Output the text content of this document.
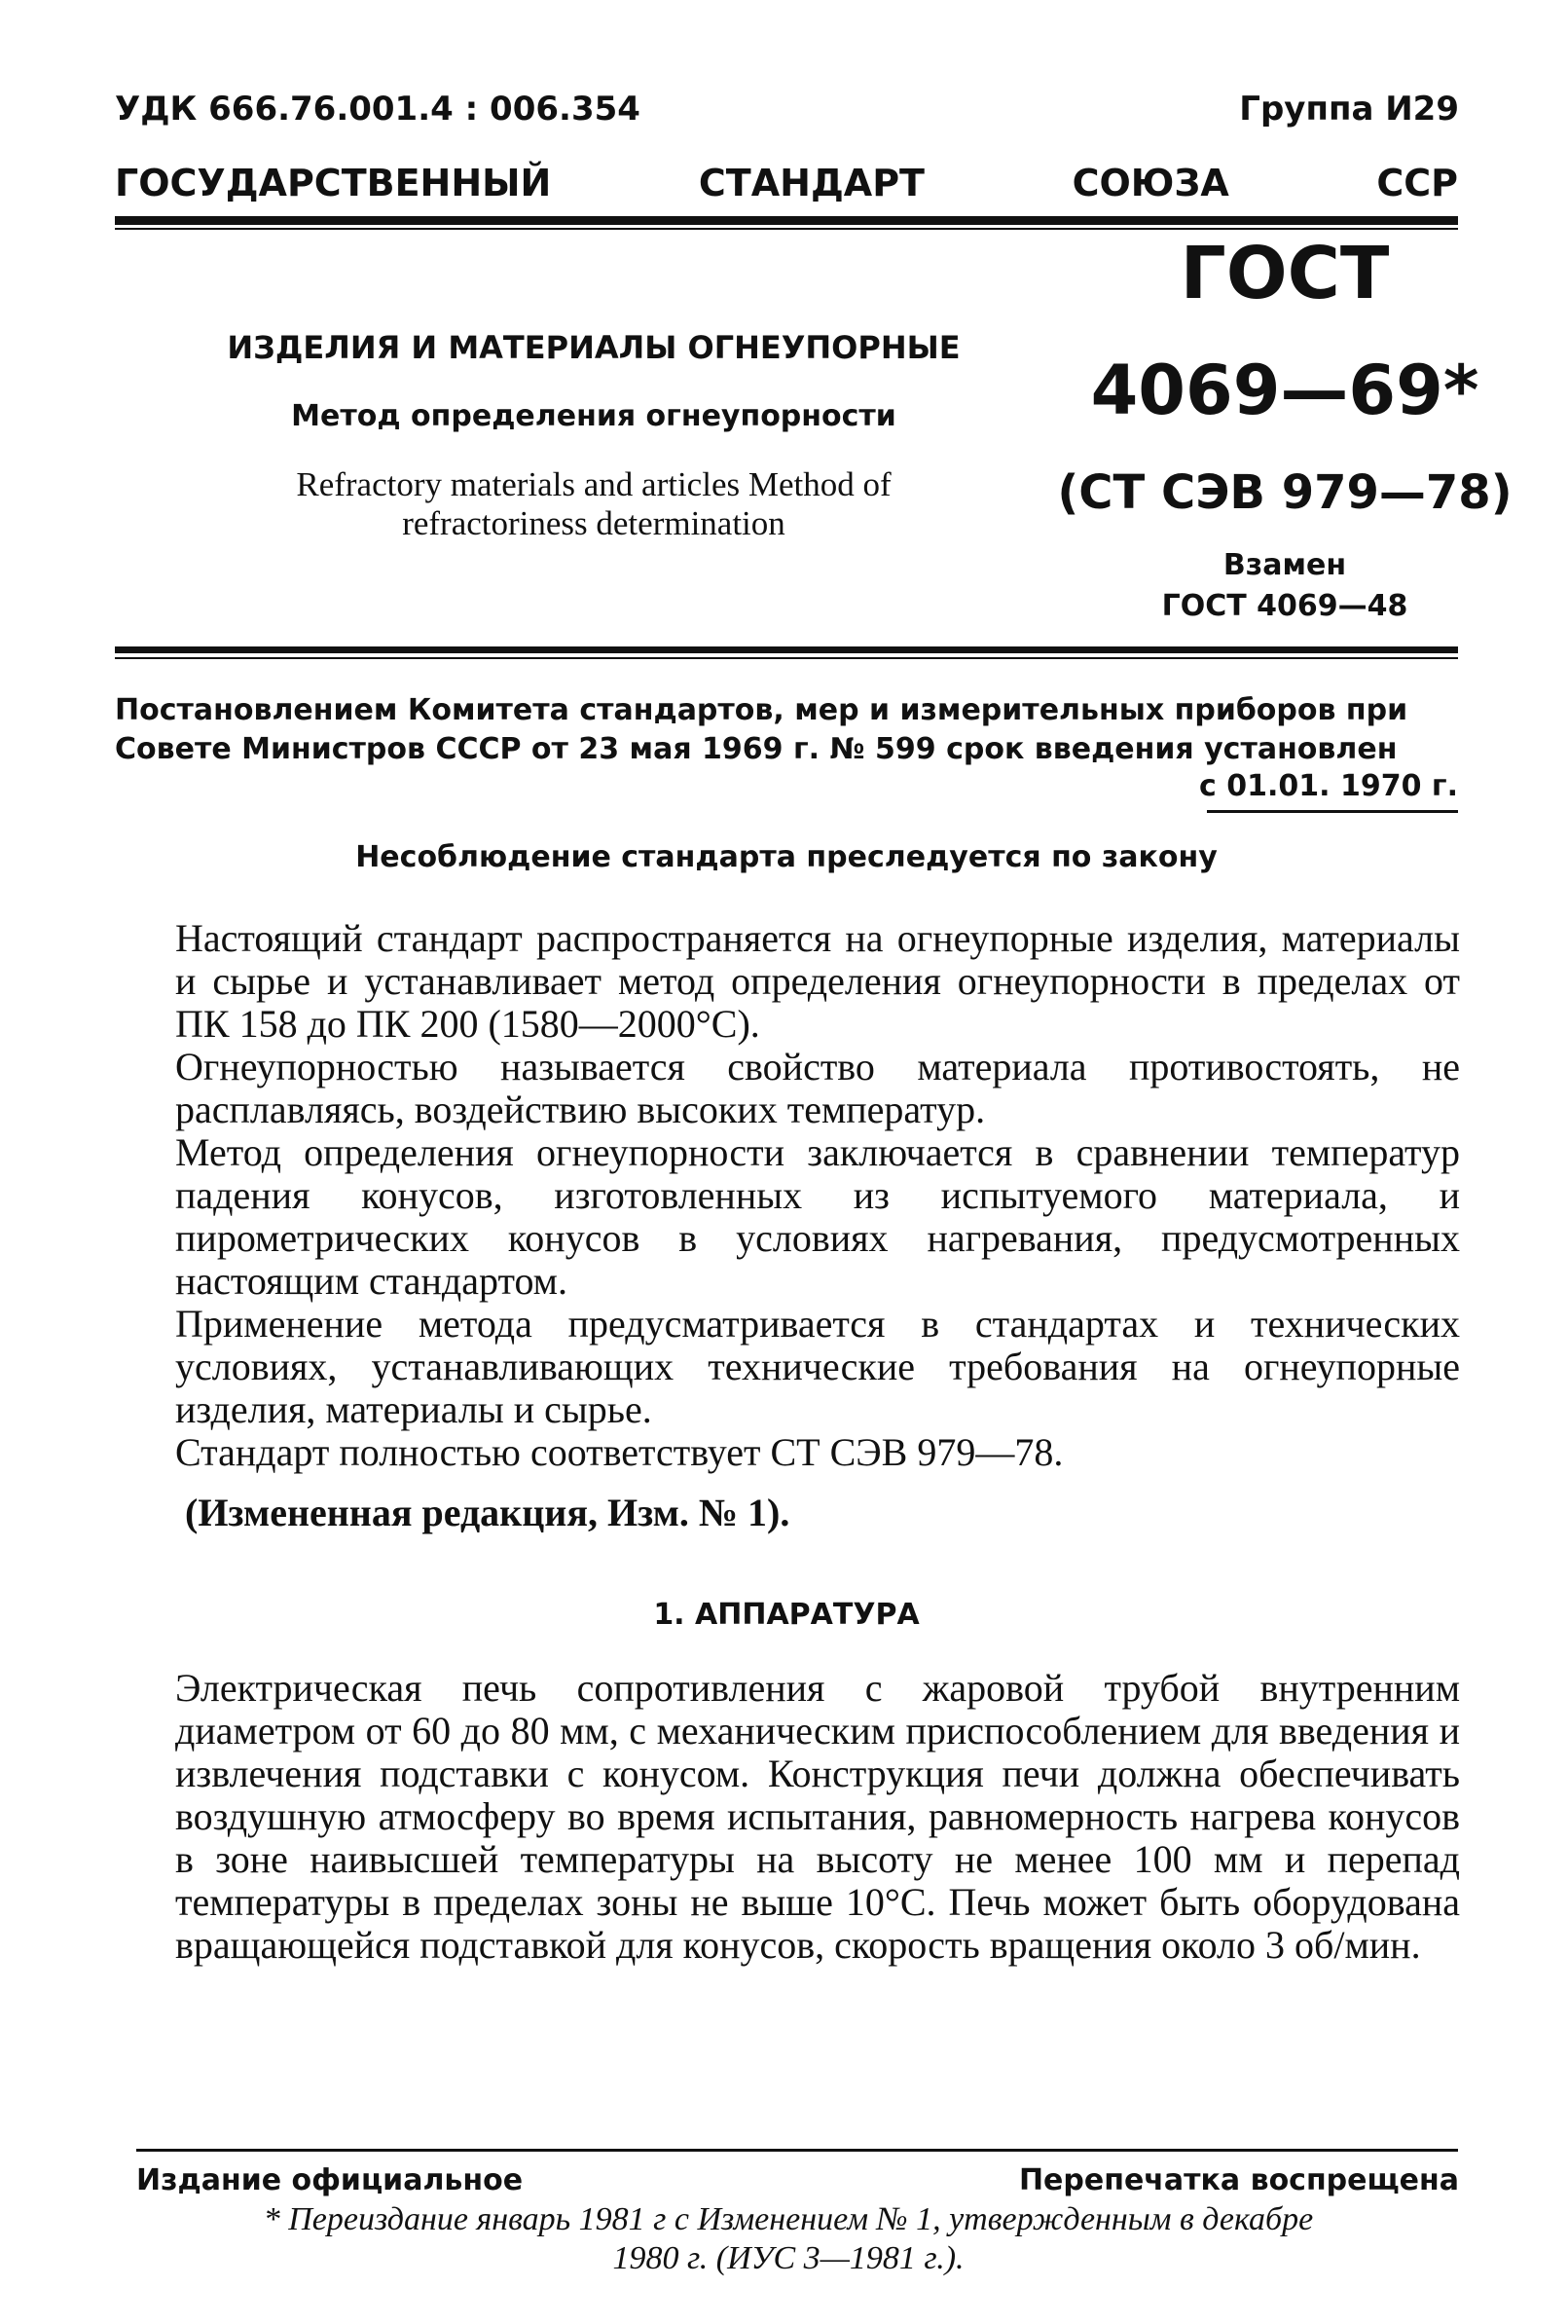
УДК 666.76.001.4 : 006.354	Группа И29
ГОСУДАРСТВЕННЫЙ	СТАНДАРТ	СОЮЗА	ССР
ИЗДЕЛИЯ И МАТЕРИАЛЫ ОГНЕУПОРНЫЕ
Метод определения огнеупорности
Refractory materials and articles Method of refractoriness determination
ГОСТ
4069—69*
(СТ СЭВ 979—78)
Взамен
ГОСТ 4069—48
Постановлением Комитета стандартов, мер и измерительных приборов при Совете Министров СССР от 23 мая 1969 г. № 599 срок введения установлен
с 01.01. 1970 г.
Несоблюдение стандарта преследуется по закону
Настоящий стандарт распространяется на огнеупорные изделия, материалы и сырье и устанавливает метод определения огнеупорности в пределах от ПК 158 до ПК 200 (1580—2000°С).
Огнеупорностью называется свойство материала противостоять, не расплавляясь, воздействию высоких температур.
Метод определения огнеупорности заключается в сравнении температур падения конусов, изготовленных из испытуемого материала, и пирометрических конусов в условиях нагревания, предусмотренных настоящим стандартом.
Применение метода предусматривается в стандартах и технических условиях, устанавливающих технические требования на огнеупорные изделия, материалы и сырье.
Стандарт полностью соответствует СТ СЭВ 979—78.
(Измененная редакция, Изм. № 1).
1. АППАРАТУРА
Электрическая печь сопротивления с жаровой трубой внутренним диаметром от 60 до 80 мм, с механическим приспособлением для введения и извлечения подставки с конусом. Конструкция печи должна обеспечивать воздушную атмосферу во время испытания, равномерность нагрева конусов в зоне наивысшей температуры на высоту не менее 100 мм и перепад температуры в пределах зоны не выше 10°С. Печь может быть оборудована вращающейся подставкой для конусов, скорость вращения около 3 об/мин.
Издание официальное	Перепечатка воспрещена
* Переиздание январь 1981 г с Изменением № 1, утвержденным в декабре 1980 г. (ИУС 3—1981 г.).
